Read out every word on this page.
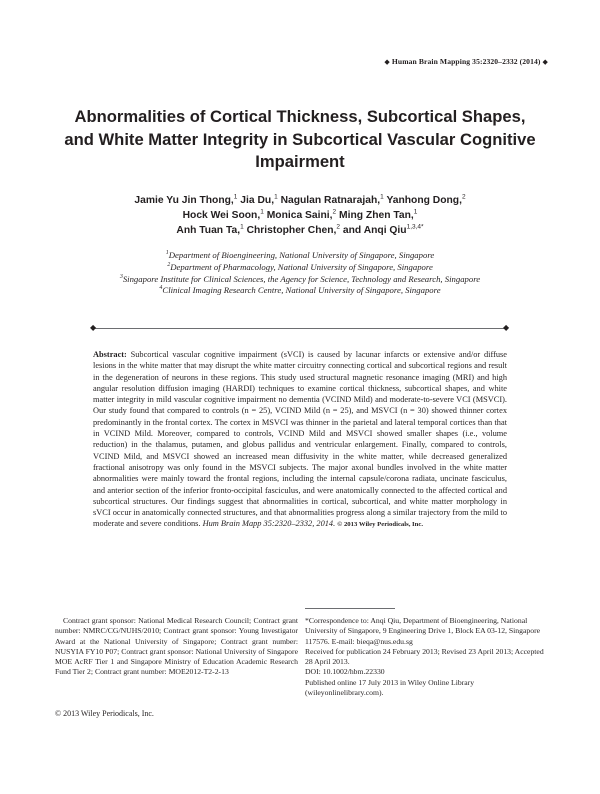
◆ Human Brain Mapping 35:2320–2332 (2014) ◆
Abnormalities of Cortical Thickness, Subcortical Shapes, and White Matter Integrity in Subcortical Vascular Cognitive Impairment
Jamie Yu Jin Thong,$^1$ Jia Du,$^1$ Nagulan Ratnarajah,$^1$ Yanhong Dong,$^2$
Hock Wei Soon,$^1$ Monica Saini,$^2$ Ming Zhen Tan,$^1$
Anh Tuan Ta,$^1$ Christopher Chen,$^2$ and Anqi Qiu$^{1,3,4*}$
$^1$Department of Bioengineering, National University of Singapore, Singapore
$^2$Department of Pharmacology, National University of Singapore, Singapore
$^3$Singapore Institute for Clinical Sciences, the Agency for Science, Technology and Research, Singapore
$^4$Clinical Imaging Research Centre, National University of Singapore, Singapore
◆	◆

Abstract: Subcortical vascular cognitive impairment (sVCI) is caused by lacunar infarcts or extensive and/or diffuse lesions in the white matter that may disrupt the white matter circuitry connecting cortical and subcortical regions and result in the degeneration of neurons in these regions. This study used structural magnetic resonance imaging (MRI) and high angular resolution diffusion imaging (HARDI) techniques to examine cortical thickness, subcortical shapes, and white matter integrity in mild vascular cognitive impairment no dementia (VCIND Mild) and moderate-to-severe VCI (MSVCI). Our study found that compared to controls (n = 25), VCIND Mild (n = 25), and MSVCI (n = 30) showed thinner cortex predominantly in the frontal cortex. The cortex in MSVCI was thinner in the parietal and lateral temporal cortices than that in VCIND Mild. Moreover, compared to controls, VCIND Mild and MSVCI showed smaller shapes (i.e., volume reduction) in the thalamus, putamen, and globus pallidus and ventricular enlargement. Finally, compared to controls, VCIND Mild, and MSVCI showed an increased mean diffusivity in the white matter, while decreased generalized fractional anisotropy was only found in the MSVCI subjects. The major axonal bundles involved in the white matter abnormalities were mainly toward the frontal regions, including the internal capsule/corona radiata, uncinate fasciculus, and anterior section of the inferior fronto-occipital fasciculus, and were anatomically connected to the affected cortical and subcortical structures. Our findings suggest that abnormalities in cortical, subcortical, and white matter morphology in sVCI occur in anatomically connected structures, and that abnormalities progress along a similar trajectory from the mild to moderate and severe conditions. Hum Brain Mapp 35:2320–2332, 2014. © 2013 Wiley Periodicals, Inc.

Contract grant sponsor: National Medical Research Council; Contract grant number: NMRC/CG/NUHS/2010; Contract grant sponsor: Young Investigator Award at the National University of Singapore; Contract grant number: NUSYIA FY10 P07; Contract grant sponsor: National University of Singapore MOE AcRF Tier 1 and Singapore Ministry of Education Academic Research Fund Tier 2; Contract grant number: MOE2012-T2-2-13

*Correspondence to: Anqi Qiu, Department of Bioengineering, National University of Singapore, 9 Engineering Drive 1, Block EA 03-12, Singapore 117576. E-mail: bieqa@nus.edu.sg

Received for publication 24 February 2013; Revised 23 April 2013; Accepted 28 April 2013.

DOI: 10.1002/hbm.22330

Published online 17 July 2013 in Wiley Online Library (wileyonlinelibrary.com).

© 2013 Wiley Periodicals, Inc.
